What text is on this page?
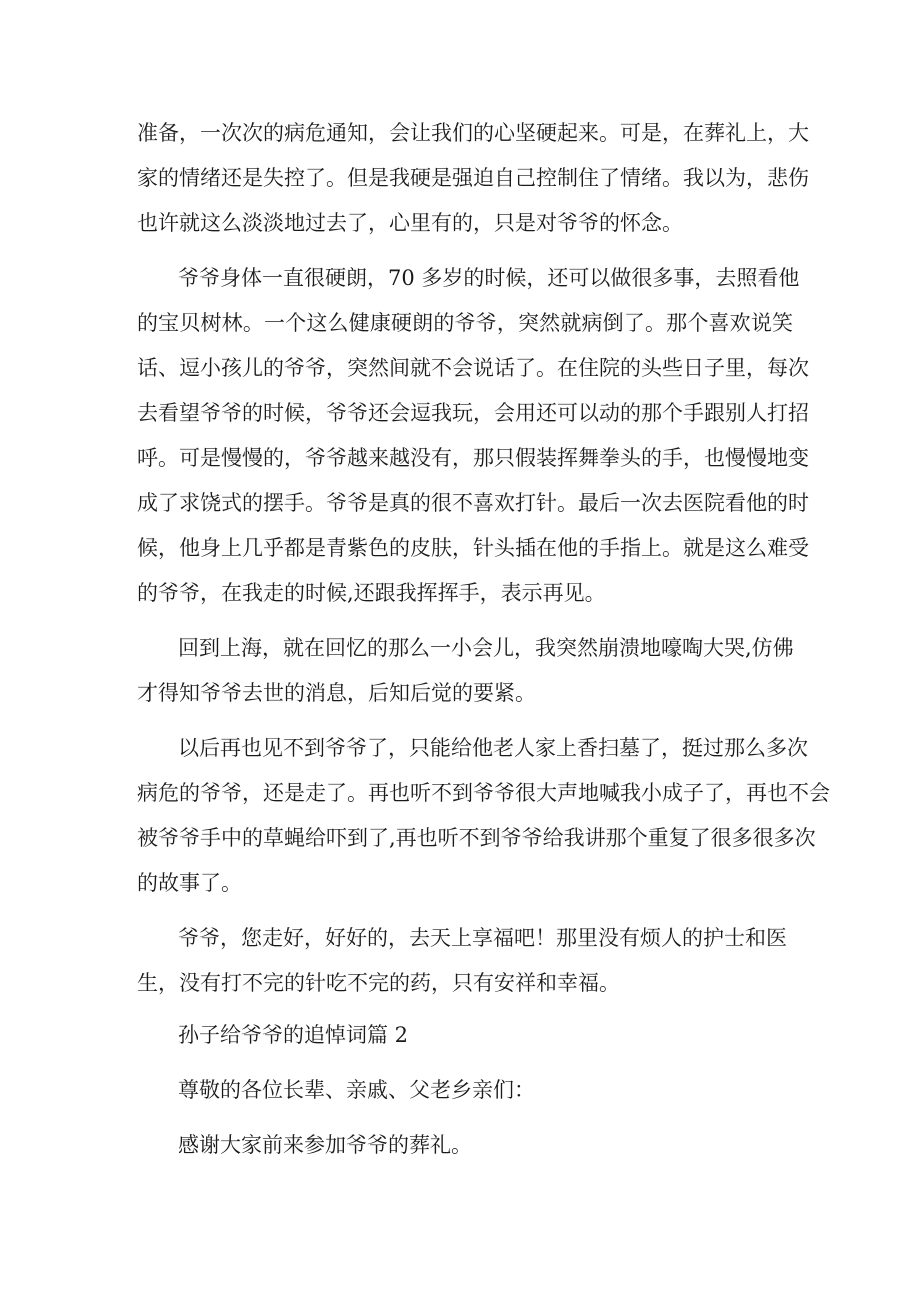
准备，一次次的病危通知，会让我们的心坚硬起来。可是，在葬礼上，大
家的情绪还是失控了。但是我硬是强迫自己控制住了情绪。我以为，悲伤
也许就这么淡淡地过去了，心里有的，只是对爷爷的怀念。
爷爷身体一直很硬朗，70 多岁的时候，还可以做很多事，去照看他
的宝贝树林。一个这么健康硬朗的爷爷，突然就病倒了。那个喜欢说笑
话、逗小孩儿的爷爷，突然间就不会说话了。在住院的头些日子里，每次
去看望爷爷的时候，爷爷还会逗我玩，会用还可以动的那个手跟别人打招
呼。可是慢慢的，爷爷越来越没有，那只假装挥舞拳头的手，也慢慢地变
成了求饶式的摆手。爷爷是真的很不喜欢打针。最后一次去医院看他的时
候，他身上几乎都是青紫色的皮肤，针头插在他的手指上。就是这么难受
的爷爷，在我走的时候,还跟我挥挥手，表示再见。
回到上海，就在回忆的那么一小会儿，我突然崩溃地嚎啕大哭,仿佛
才得知爷爷去世的消息，后知后觉的要紧。
以后再也见不到爷爷了，只能给他老人家上香扫墓了，挺过那么多次
病危的爷爷，还是走了。再也听不到爷爷很大声地喊我小成子了，再也不会
被爷爷手中的草蝇给吓到了,再也听不到爷爷给我讲那个重复了很多很多次
的故事了。
爷爷，您走好，好好的，去天上享福吧！那里没有烦人的护士和医
生，没有打不完的针吃不完的药，只有安祥和幸福。
孙子给爷爷的追悼词篇 2
尊敬的各位长辈、亲戚、父老乡亲们：
感谢大家前来参加爷爷的葬礼。
